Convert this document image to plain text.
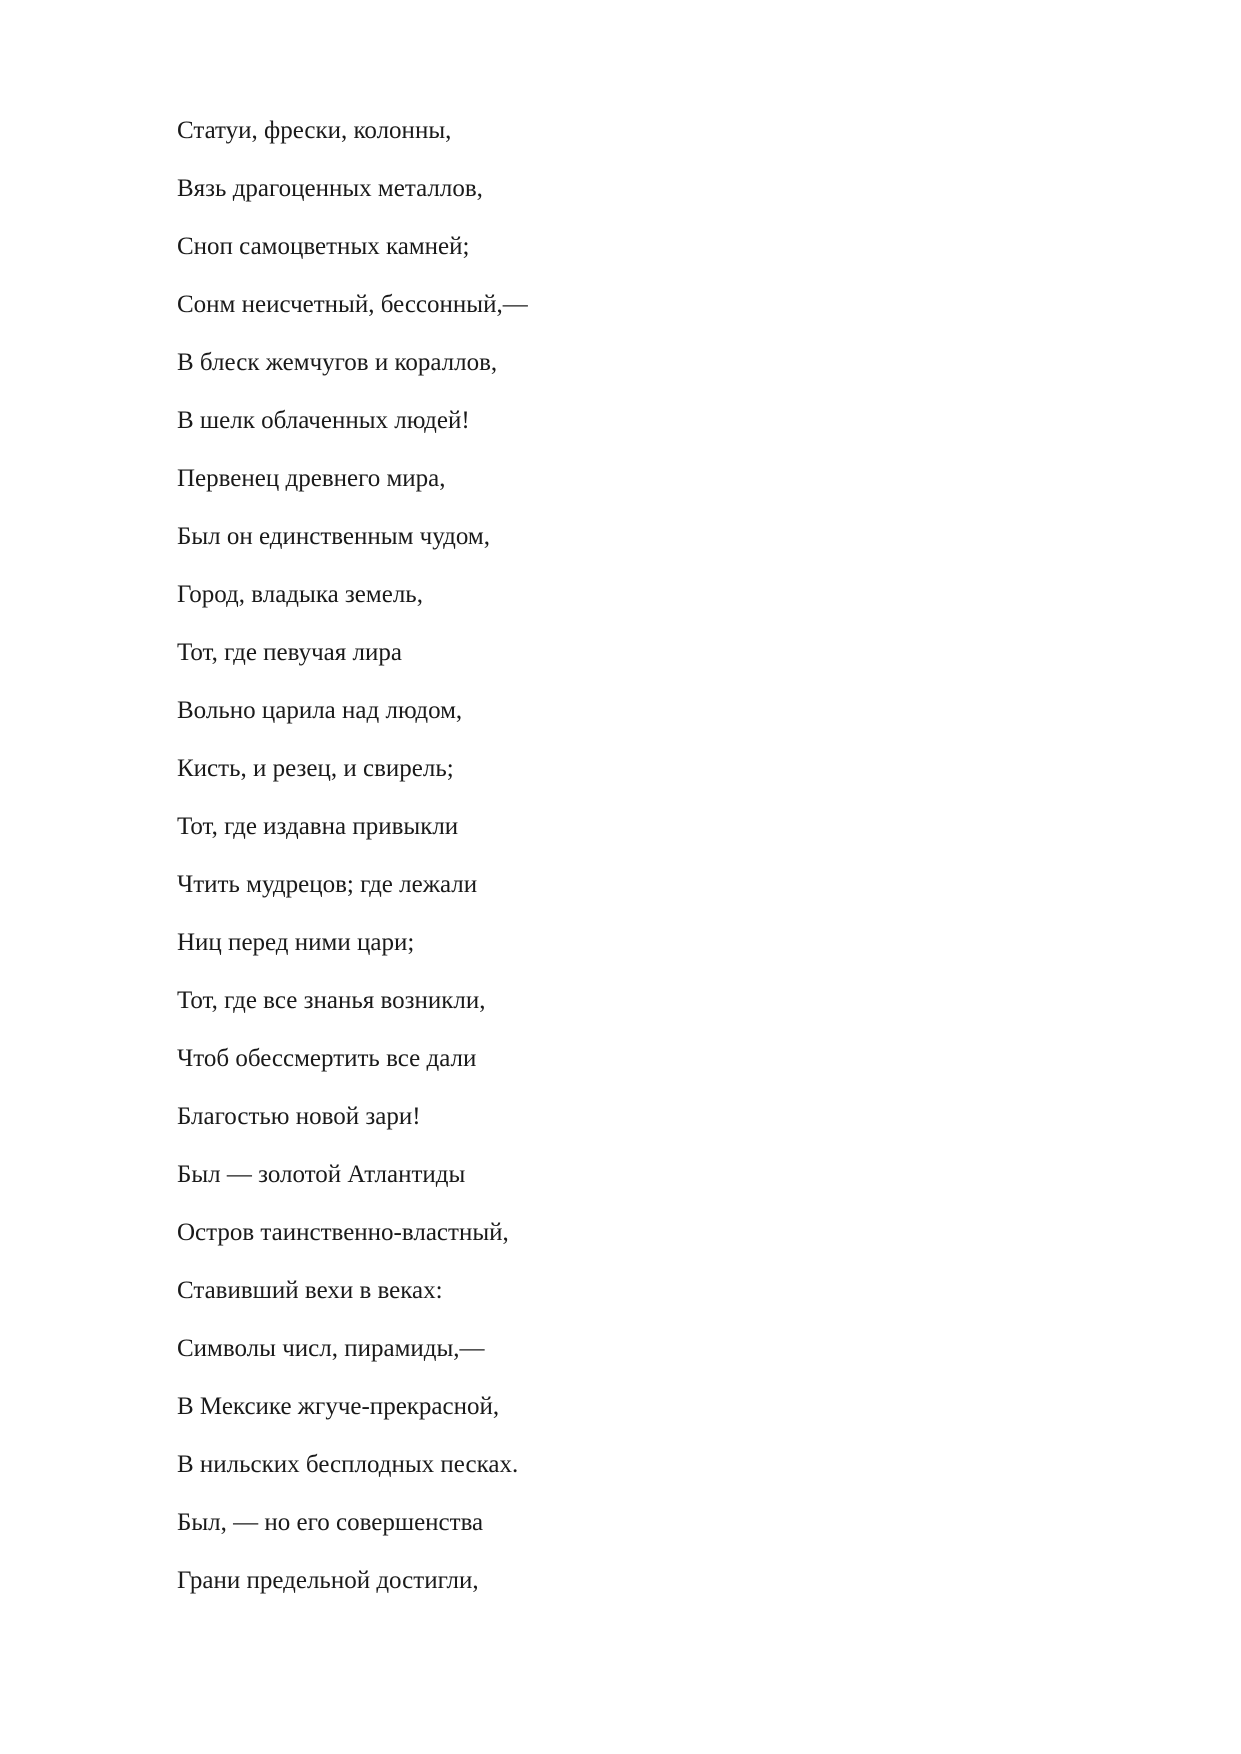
Статуи, фрески, колонны,
Вязь драгоценных металлов,
Сноп самоцветных камней;
Сонм неисчетный, бессонный,—
В блеск жемчугов и кораллов,
В шелк облаченных людей!
Первенец древнего мира,
Был он единственным чудом,
Город, владыка земель,
Тот, где певучая лира
Вольно царила над людом,
Кисть, и резец, и свирель;
Тот, где издавна привыкли
Чтить мудрецов; где лежали
Ниц перед ними цари;
Тот, где все знанья возникли,
Чтоб обессмертить все дали
Благостью новой зари!
Был — золотой Атлантиды
Остров таинственно-властный,
Ставивший вехи в веках:
Символы числ, пирамиды,—
В Мексике жгуче-прекрасной,
В нильских бесплодных песках.
Был, — но его совершенства
Грани предельной достигли,
